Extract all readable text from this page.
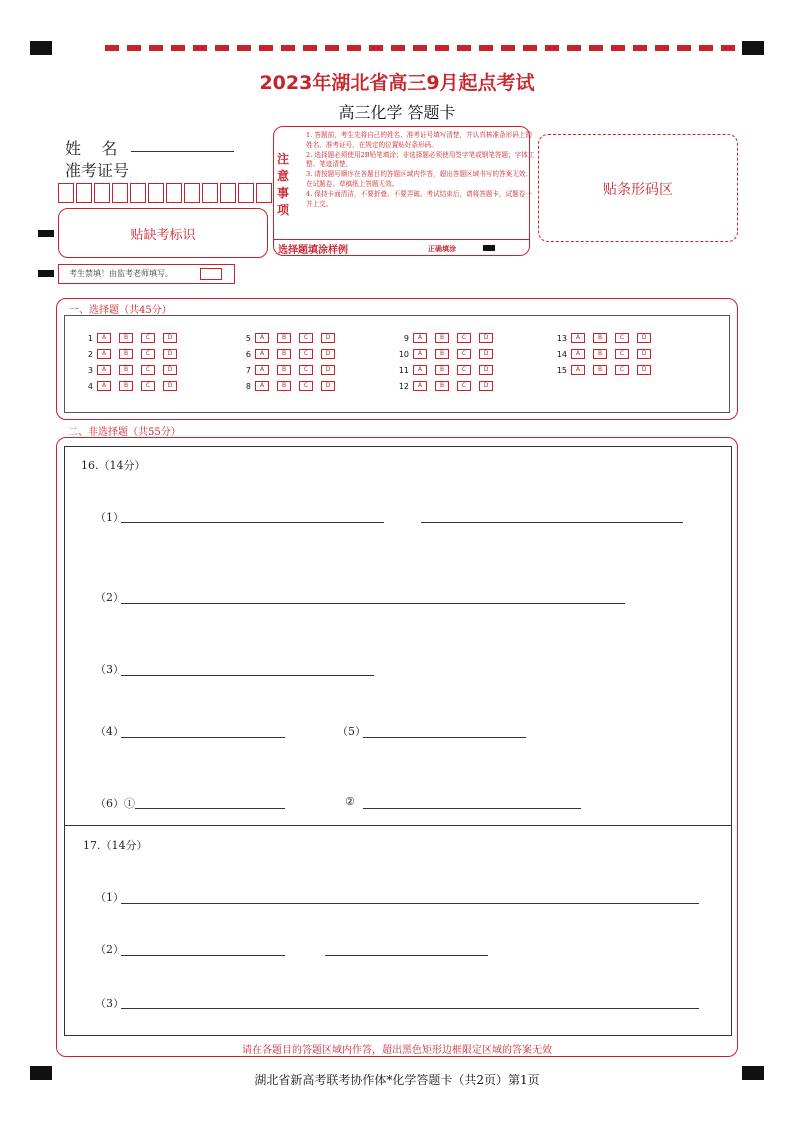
2023年湖北省高三9月起点考试
高三化学 答题卡
姓    名
准考证号
贴缺考标识
考生禁填！由监考老师填写。
注
意
事
项
1. 答题前，考生先将自己的姓名、准考证号填写清楚，并认真核准条形码上的姓名、准考证号，在规定的位置贴好条形码。
2. 选择题必须使用2B铅笔填涂；非选择题必须使用签字笔或钢笔答题；字体工整、笔迹清楚。
3. 请按题号顺序在各题目的答题区域内作答，超出答题区域书写的答案无效；在试题卷、草稿纸上答题无效。
4. 保持卡面清洁，不要折叠、不要弄破。考试结束后，请将答题卡，试题卷一并上交。
选择题填涂样例	正确填涂
贴条形码区
一、选择题（共45分）
1	A	B	C	D
2	A	B	C	D
3	A	B	C	D
4	A	B	C	D
5	A	B	C	D
6	A	B	C	D
7	A	B	C	D
8	A	B	C	D
9	A	B	C	D
10	A	B	C	D
11	A	B	C	D
12	A	B	C	D
13	A	B	C	D
14	A	B	C	D
15	A	B	C	D
二、非选择题（共55分）
16.（14分）
（1）
（2）
（3）
（4）	（5）
（6）①	②
17.（14分）
（1）
（2）
（3）
请在各题目的答题区域内作答，超出黑色矩形边框限定区域的答案无效
湖北省新高考联考协作体*化学答题卡（共2页）第1页
